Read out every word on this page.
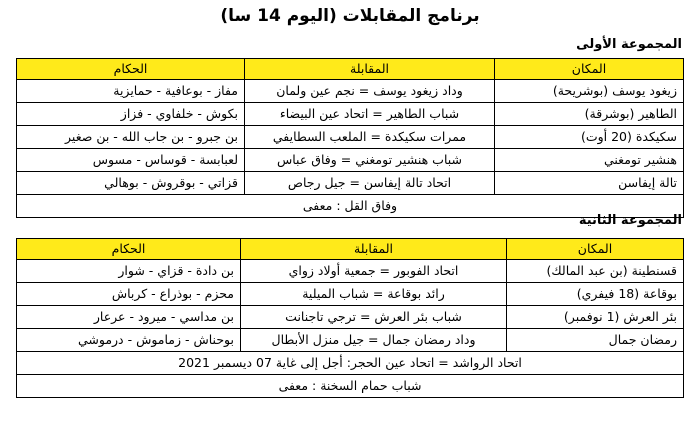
برنامج المقابلات (اليوم 14 سا)
المجموعة الأولى
المكان	المقابلة	الحكام
زيغود يوسف (بوشريحة)	وداد زيغود يوسف = نجم عين ولمان	مفاز - بوعافية - حمايزية
الطاهير (بوشرقة)	شباب الطاهير = اتحاد عين البيضاء	بكوش - خلفاوي - فزاز
سكيكدة (20 أوت)	ممرات سكيكدة = الملعب السطايفي	بن جبرو - بن جاب الله - بن صغير
هنشير تومغني	شباب هنشير تومغني = وفاق عباس	لعبابسة - قوساس - مسوس
تالة إيفاسن	اتحاد تالة إيفاسن = جيل رجاص	قزاتي - بوقروش - بوهالي
وفاق القل : معفى		
المجموعة الثانية
المكان	المقابلة	الحكام
قسنطينة (بن عبد المالك)	اتحاد الفوبور = جمعية أولاد زواي	بن دادة - قزاي - شوار
بوقاعة (18 فيفري)	رائد بوقاعة = شباب الميلية	محزم - بوذراع - كرباش
بئر العرش (1 نوفمبر)	شباب بئر العرش = ترجي تاجنانت	بن مداسي - ميرود - عرعار
رمضان جمال	وداد رمضان جمال = جيل منزل الأبطال	بوحناش - زماموش - درموشي
اتحاد الرواشد = اتحاد عين الحجر: أجل إلى غاية 07 ديسمبر 2021		
شباب حمام السخنة : معفى		
